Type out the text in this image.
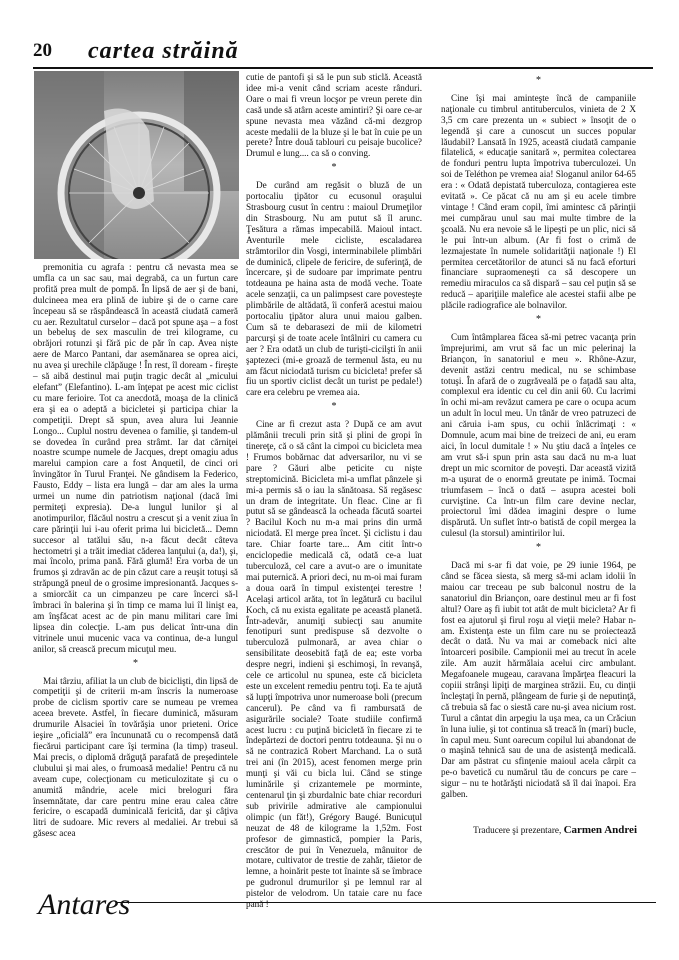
20 cartea străină

premonitia cu agrafa : pentru că nevasta mea se umfla ca un sac sau, mai degrabă, ca un furtun care profită prea mult de pompă. În lipsă de aer şi de bani, dulcineea mea era plină de iubire şi de o carne care începeau să se răspândească în această ciudată cameră cu aer. Rezultatul curselor – dacă pot spune aşa – a fost un bebeluş de sex masculin de trei kilograme, cu obrăjori rotunzi şi fără pic de păr în cap. Avea niște aere de Marco Pantani, dar asemănarea se oprea aici, nu avea şi urechile clăpăuge ! În rest, îl doream - fireşte – să aibă destinul mai puţin tragic decât al „micului elefant” (Elefantino). L-am înţepat pe acest mic ciclist cu mare ferioire. Tot ca anecdotă, moaşa de la clinică era şi ea o adeptă a bicicletei şi participa chiar la competiţii. Drept să spun, avea alura lui Jeannie Longo... Cuplul nostru devenea o familie, şi tandem-ul se dovedea în curând prea strâmt. Iar dat cărniţei noastre scumpe numele de Jacques, drept omagiu adus marelui campion care a fost Anquetil, de cinci ori învingător în Turul Franţei. Ne gândisem la Federico, Fausto, Eddy – lista era lungă – dar am ales la urma urmei un nume din patriotism naţional (dacă îmi permiteţi expresia). De-a lungul lunilor şi al anotimpurilor, flăcăul nostru a crescut şi a venit ziua în care părinţii lui i-au oferit prima lui bicicletă... Demn succesor al tatălui său, n-a făcut decât câteva hectometri şi a trăit imediat căderea lanţului (a, da!), şi, mai încolo, prima pană. Fără glumă! Era vorba de un frumos şi zdravăn ac de pin căzut care a reuşit totuşi să străpungă pneul de o grosime impresionantă. Jacques s-a smiorcăit ca un cimpanzeu pe care încerci să-l îmbraci în balerina şi în timp ce mama lui îl linişt ea, am înşfăcat acest ac de pin manu militari care îmi lipsea din colecţie. L-am pus delicat într-una din vitrinele unui mucenic vaca va continua, de-a lungul anilor, să crească precum micuţul meu.

*

Mai târziu, afiliat la un club de biciclişti, din lipsă de competiţii şi de criterii m-am înscris la numeroase probe de ciclism sportiv care se numeau pe vremea aceea brevete. Astfel, în fiecare duminică, măsuram drumurile Alsaciei în tovărăşia unor prieteni. Orice ieşire „oficială” era încununată cu o recompensă dată fiecărui participant care îşi termina (la timp) traseul. Mai precis, o diplomă drăguţă parafată de preşedintele clubului şi mai ales, o frumoasă medalie! Pentru că nu aveam cupe, colecţionam cu meticulozitate şi cu o anumită mândrie, acele mici breloguri făra însemnătate, dar care pentru mine erau calea către fericire, o escapadă duminicală fericită, dar şi câţiva litri de sudoare. Mic revers al medaliei. Ar trebui să găsesc acea

cutie de pantofi şi să le pun sub sticlă. Această idee mi-a venit când scriam aceste rânduri. Oare o mai fi vreun locşor pe vreun perete din casă unde să atârn aceste amintiri? Şi oare ce-ar spune nevasta mea văzând că-mi dezgrop aceste medalii de la bluze şi le bat în cuie pe un perete? Între două tablouri cu peisaje bucolice? Drumul e lung.... ca să o conving.

*

De curând am regăsit o bluză de un portocaliu ţipător cu ecusonul oraşului Strasbourg cusut în centru : maioul Drumeţilor din Strasbourg. Nu am putut să îl arunc. Ţesătura a rămas impecabilă. Maioul intact. Aventurile mele cicliste, escaladarea strâmtorilor din Vosgi, interminabilele plimbări de duminică, clipele de fericire, de suferinţă, de încercare, şi de sudoare par imprimate pentru totdeauna pe haina asta de modă veche. Toate acele senzaţii, ca un palimpsest care povesteşte plimbările de altădată, îi conferă acestui maiou portocaliu ţipător alura unui maiou galben. Cum să te debarasezi de mii de kilometri parcurşi şi de toate acele întâlniri cu camera cu aer ? Era odată un club de turişti-cicilşti în anii şaptezeci (mi-e groază de termenul ăsta, eu nu am făcut niciodată turism cu bicicleta! prefer să fiu un sportiv ciclist decât un turist pe pedale!) care era celebru pe vremea aia.

*

Cine ar fi crezut asta ? După ce am avut plămânii treculi prin sită şi plini de gropi în tinereţe, că o să cânt la cimpoi cu bicicleta mea ! Frumos bobărnac dat adversarilor, nu vi se pare ? Găuri albe peticite cu niște streptomicină. Bicicleta mi-a umflat pânzele şi mi-a permis să o iau la sănătoasa. Să regăsesc un dram de integritate. Un fleac. Cine ar fi putut să se gândească la ocheada făcută soartei ? Bacilul Koch nu m-a mai prins din urmă niciodată. El merge prea încet. Şi ciclistu i dau tare. Chiar foarte tare... Am citit într-o enciclopedie medicală că, odată ce-a luat tuberculoză, cel care a avut-o are o imunitate mai puternică. A priori deci, nu m-oi mai furam a doua oară în timpul existenţei terestre ! Acelaşi articol arăta, tot în legătură cu bacilul Koch, că nu exista egalitate pe această planetă. Într-adevăr, anumiţi subiecţi sau anumite fenotipuri sunt predispuse să dezvolte o tuberculoză pulmonară, ar avea chiar o sensibilitate deosebită faţă de ea; este vorba despre negri, indieni şi eschimoşi, în revanşă, cele ce articolul nu spunea, este că bicicleta este un excelent remediu pentru toţi. Ea te ajută să lupţi împotriva unor numeroase boli (precum cancerul). Pe când va fi rambursată de asigurările sociale? Toate studiile confirmă acest lucru : cu puţină bicicletă în fiecare zi te îndepărtezi de doctori pentru totdeauna. Şi nu o să ne contrazică Robert Marchand. La o sută trei ani (în 2015), acest fenomen merge prin munţi şi văi cu bicla lui. Când se stinge luminările şi crizantemele pe morminte, centenarul ţin şi zburdalnic bate chiar recorduri sub privirile admirative ale campionului olimpic (un făt!), Grégory Baugé. Bunicuţul neuzat de 48 de kilograme la 1,52m. Fost profesor de gimnastică, pompier la Paris, crescător de pui în Venezuela, mânuitor de motare, cultivator de trestie de zahăr, tăietor de lemne, a hoinărit peste tot înainte să se îmbrace pe gudronul drumurilor şi pe lemnul rar al pistelor de velodrom. Un tataie care nu face pană !

*

Cine îşi mai aminteşte încă de campaniile naţionale cu timbrul antituberculos, vinieta de 2 X 3,5 cm care prezenta un « subiect » însoţit de o legendă şi care a cunoscut un succes popular lăudabil? Lansată în 1925, această ciudată campanie filatelică, « educaţie sanitară », permitea colectarea de fonduri pentru lupta împotriva tuberculozei. Un soi de Teléthon pe vremea aia! Sloganul anilor 64-65 era : « Odată depistată tuberculoza, contagierea este evitată ». Ce păcat că nu am şi eu acele timbre vintage ! Când eram copil, îmi amintesc că părinţii mei cumpărau unul sau mai multe timbre de la şcoală. Nu era nevoie să le lipeşti pe un plic, nici să le pui într-un album. (Ar fi fost o crimă de lezmajestate în numele solidarităţii naţionale !) El permitea cercetătorilor de atunci să nu facă eforturi financiare supraomeneşti ca să descopere un remediu miraculos ca să dispară – sau cel puţin să se reducă – apariţiile malefice ale acestei stafii albe pe plăcile radiografice ale bolnavilor.

*

Cum întâmplarea făcea să-mi petrec vacanţa prin împrejurimi, am vrut să fac un mic pelerinaj la Briançon, în sanatoriul e meu ». Rhône-Azur, devenit astăzi centru medical, nu se schimbase totuşi. În afară de o zugrăveală pe o faţadă sau alta, complexul era identic cu cel din anii 60. Cu lacrimi în ochi mi-am revăzut camera pe care o ocupa acum un adult în locul meu. Un tânăr de vreo patruzeci de ani căruia i-am spus, cu ochii înlăcrimaţi : « Domnule, acum mai bine de treizeci de ani, eu eram aici, în locul dumitale ! » Nu ştiu dacă a înţeles ce am vrut să-i spun prin asta sau dacă nu m-a luat drept un mic scornitor de poveşti. Dar această vizită m-a uşurat de o enormă greutate pe inimă. Tocmai triumfasem – încă o dată – asupra acestei boli curviştine. Ca într-un film care devine neclar, proiectorul îmi dădea imagini despre o lume dispărută. Un suflet într-o batistă de copil mergea la culesul (la storsul) amintirilor lui.

*

Dacă mi s-ar fi dat voie, pe 29 iunie 1964, pe când se făcea siesta, să merg să-mi aclam idolii în maiou car treceau pe sub balconul nostru de la sanatoriul din Briançon, oare destinul meu ar fi fost altul? Oare aş fi iubit tot atât de mult bicicleta? Ar fi fost ea ajutorul şi firul roşu al vieţii mele? Habar n-am. Existenţa este un film care nu se proiectează decât o dată. Nu va mai ar comeback nici alte întoarceri posibile. Campionii mei au trecut în acele zile. Am auzit hărmălaia acelui circ ambulant. Megafoanele mugeau, caravana împărţea fleacuri la copiii strânşi lipiţi de marginea străzii. Eu, cu dinţii încleştaţi în pernă, plângeam de furie şi de neputinţă, că trebuia să fac o siestă care nu-şi avea nicium rost. Turul a cântat din arpegiu la uşa mea, ca un Crăciun în luna iulie, şi tot continua să treacă în (mari) bucle, în capul meu. Sunt oarecum copilul lui abandonat de o maşină tehnică sau de una de asistenţă medicală. Dar am păstrat cu sfinţenie maioul acela cârpit ca pe-o bavetică cu numărul tău de concurs pe care – sigur – nu te hotărăşti niciodată să îl dai înapoi. Era galben.

Traducere şi prezentare, Carmen Andrei
Antares
